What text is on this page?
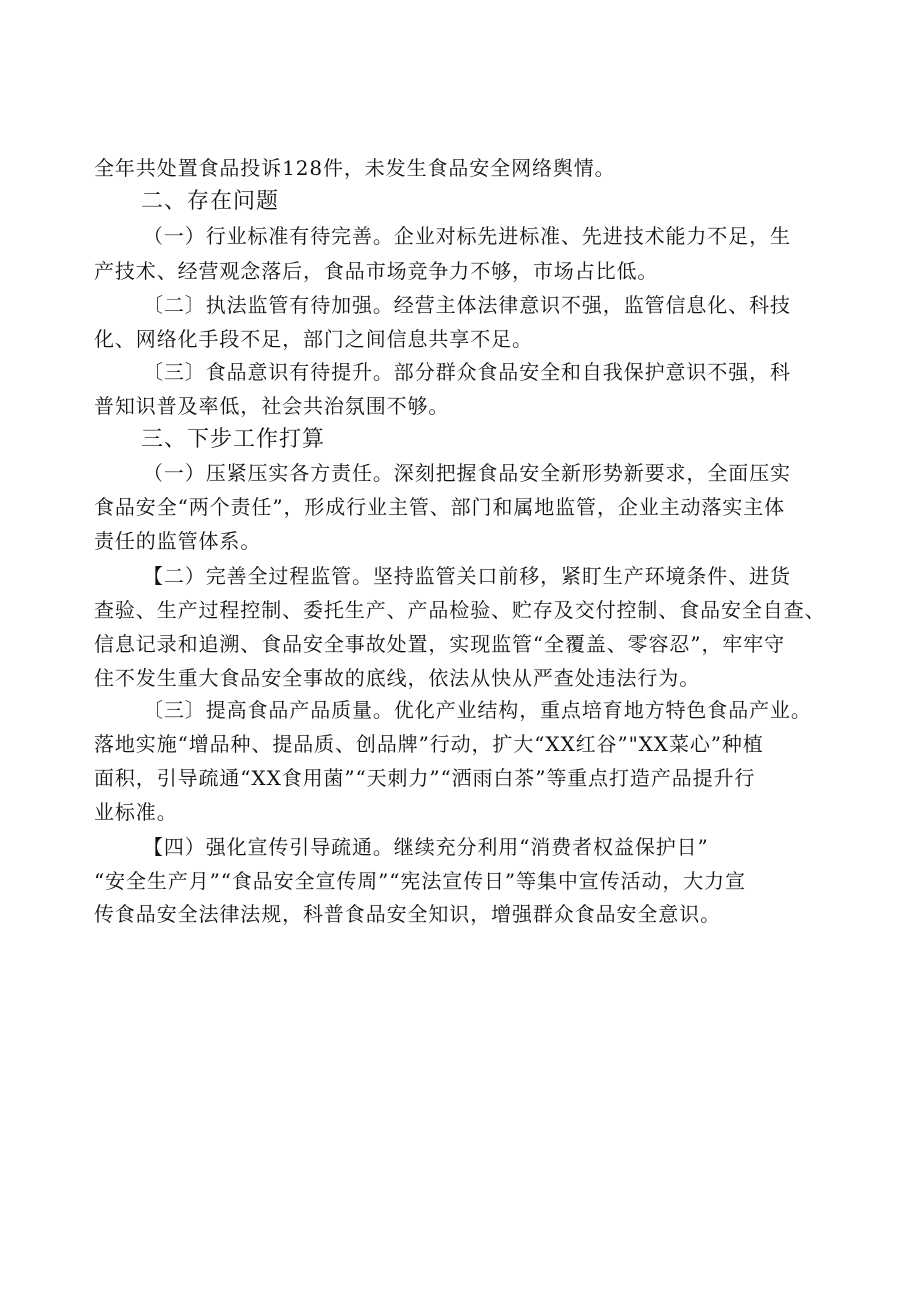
全年共处置食品投诉128件，未发生食品安全网络舆情。
二、存在问题
（一）行业标准有待完善。企业对标先进标准、先进技术能力不足，生
产技术、经营观念落后，食品市场竞争力不够，市场占比低。
〔二〕执法监管有待加强。经营主体法律意识不强，监管信息化、科技
化、网络化手段不足，部门之间信息共享不足。
〔三〕食品意识有待提升。部分群众食品安全和自我保护意识不强，科
普知识普及率低，社会共治氛围不够。
三、下步工作打算
（一）压紧压实各方责任。深刻把握食品安全新形势新要求，全面压实
食品安全“两个责任”，形成行业主管、部门和属地监管，企业主动落实主体
责任的监管体系。
【二）完善全过程监管。坚持监管关口前移，紧盯生产环境条件、进货
查验、生产过程控制、委托生产、产品检验、贮存及交付控制、食品安全自查、
信息记录和追溯、食品安全事故处置，实现监管“全覆盖、零容忍”，牢牢守
住不发生重大食品安全事故的底线，依法从快从严查处违法行为。
〔三〕提高食品产品质量。优化产业结构，重点培育地方特色食品产业。
落地实施“增品种、提品质、创品牌”行动，扩大“XX红谷”"XX菜心”种植
面积，引导疏通“XX食用菌”“天刺力”“洒雨白茶”等重点打造产品提升行
业标准。
【四）强化宣传引导疏通。继续充分利用“消费者权益保护日”
“安全生产月”“食品安全宣传周”“宪法宣传日”等集中宣传活动，大力宣
传食品安全法律法规，科普食品安全知识，增强群众食品安全意识。
